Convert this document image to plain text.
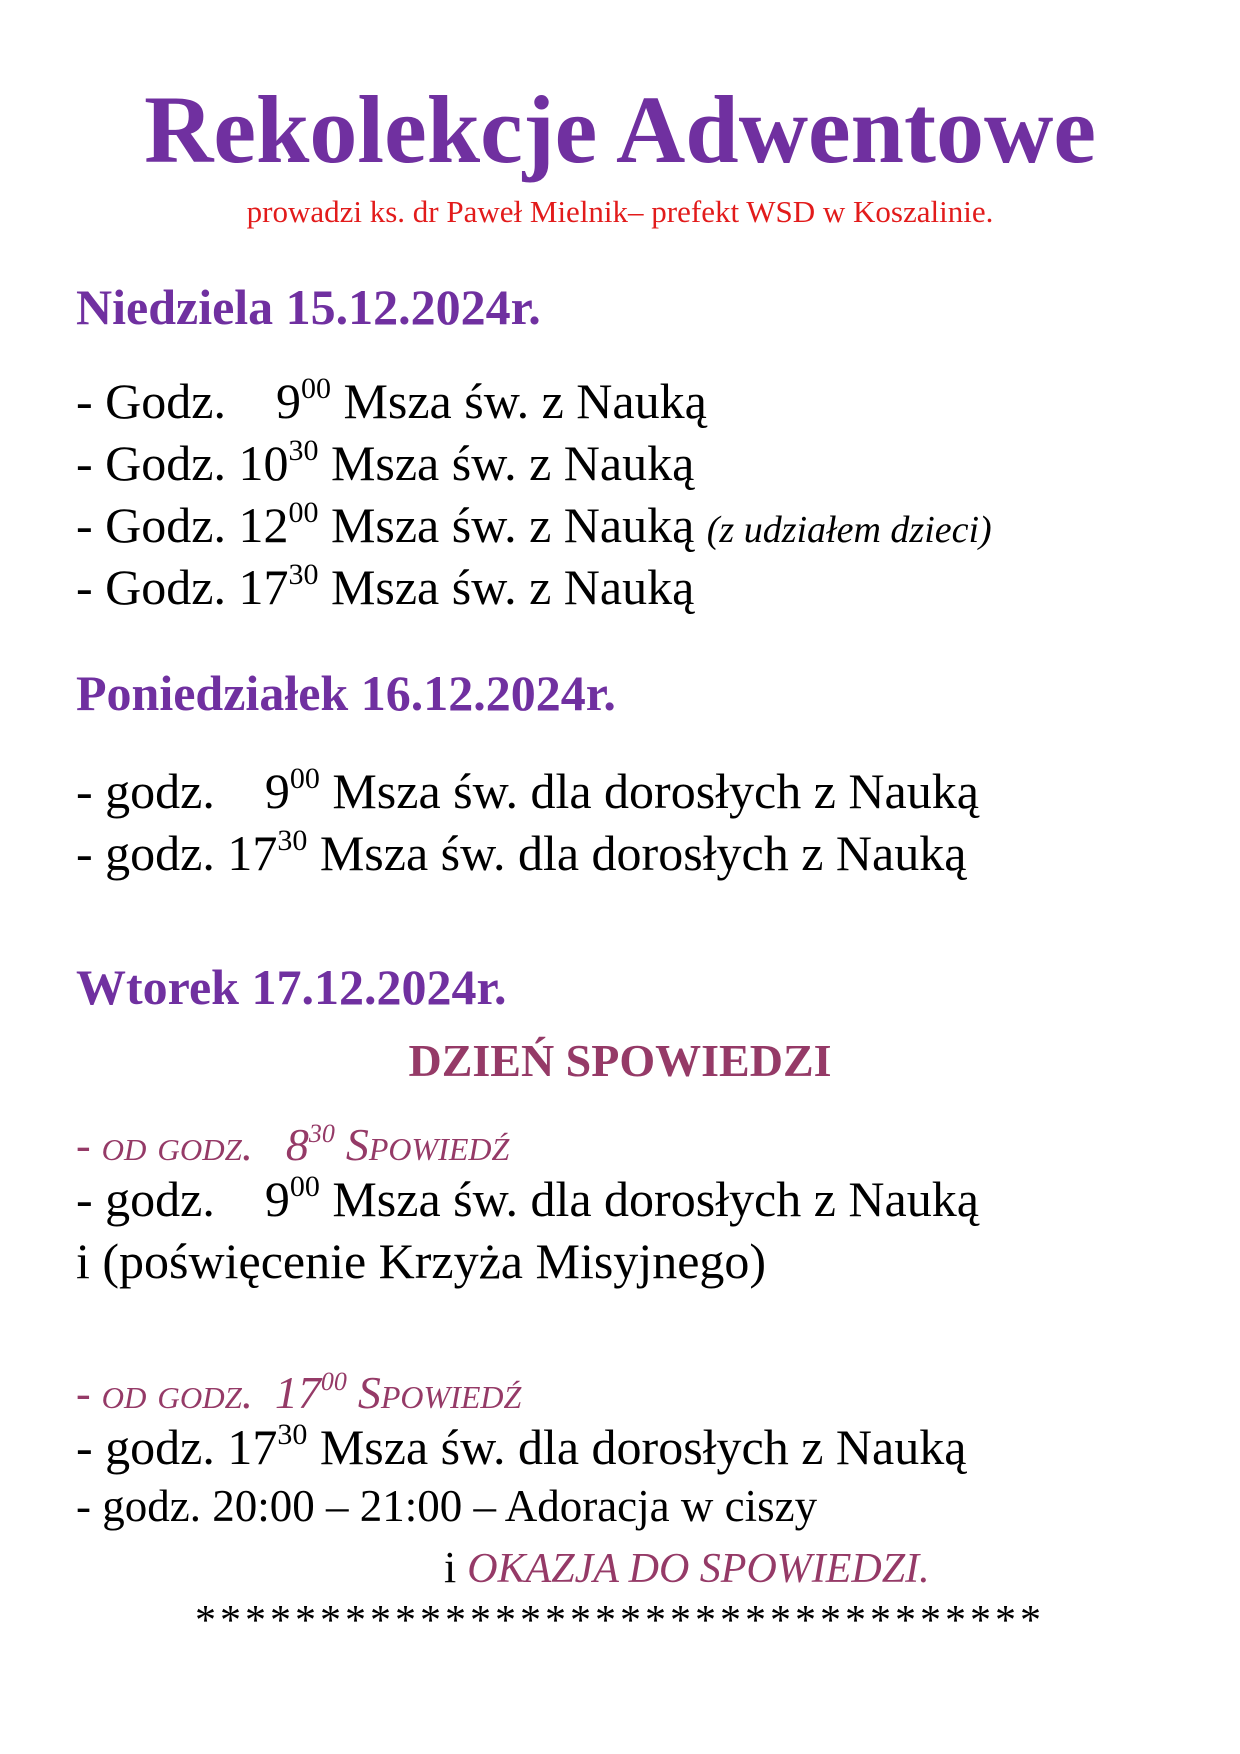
Rekolekcje Adwentowe
prowadzi ks. dr Paweł Mielnik– prefekt WSD w Koszalinie.
Niedziela 15.12.2024r.
- Godz. $9^{00}$ Msza św. z Nauką
- Godz. $10^{30}$ Msza św. z Nauką
- Godz. $12^{00}$ Msza św. z Nauką (z udziałem dzieci)
- Godz. $17^{30}$ Msza św. z Nauką
Poniedziałek 16.12.2024r.
- godz. $9^{00}$ Msza św. dla dorosłych z Nauką
- godz. $17^{30}$ Msza św. dla dorosłych z Nauką
Wtorek 17.12.2024r.
DZIEŃ SPOWIEDZI
- od godz. $8^{30}$ Spowiedź
- godz. $9^{00}$ Msza św. dla dorosłych z Nauką
i (poświęcenie Krzyża Misyjnego)
- od godz. $17^{00}$ Spowiedź
- godz. $17^{30}$ Msza św. dla dorosłych z Nauką
- godz. 20:00 – 21:00 – Adoracja w ciszy
i OKAZJA DO SPOWIEDZI.
**********************************
